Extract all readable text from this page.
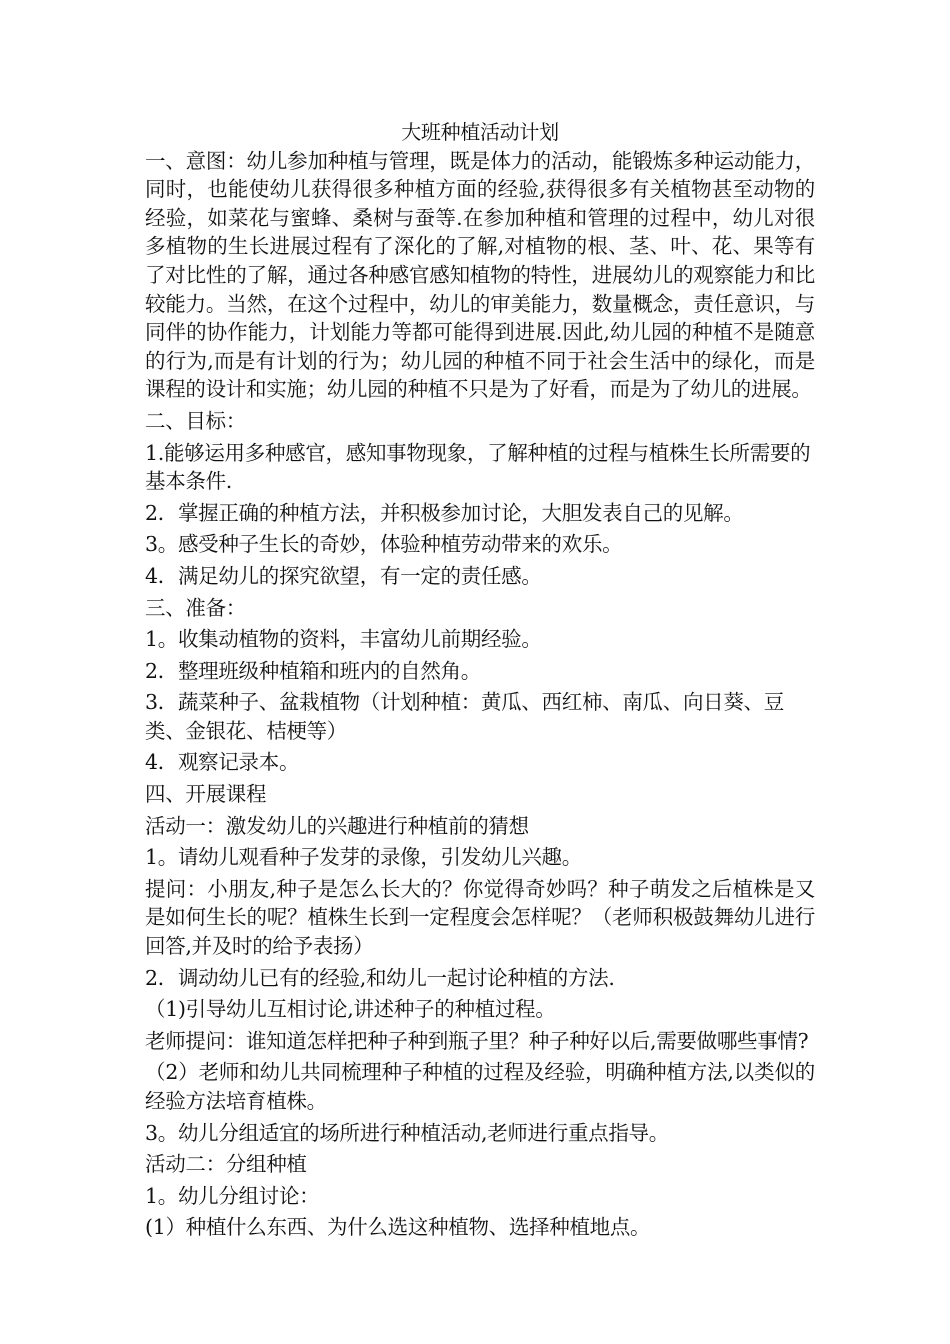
大班种植活动计划

一、意图：幼儿参加种植与管理，既是体力的活动，能锻炼多种运动能力，同时，也能使幼儿获得很多种植方面的经验,获得很多有关植物甚至动物的经验，如菜花与蜜蜂、桑树与蚕等.在参加种植和管理的过程中，幼儿对很多植物的生长进展过程有了深化的了解,对植物的根、茎、叶、花、果等有了对比性的了解，通过各种感官感知植物的特性，进展幼儿的观察能力和比较能力。当然，在这个过程中，幼儿的审美能力，数量概念，责任意识，与同伴的协作能力，计划能力等都可能得到进展.因此,幼儿园的种植不是随意的行为,而是有计划的行为；幼儿园的种植不同于社会生活中的绿化，而是课程的设计和实施；幼儿园的种植不只是为了好看，而是为了幼儿的进展。

二、目标：

1.能够运用多种感官，感知事物现象，了解种植的过程与植株生长所需要的基本条件.

2．掌握正确的种植方法，并积极参加讨论，大胆发表自己的见解。

3。感受种子生长的奇妙，体验种植劳动带来的欢乐。

4．满足幼儿的探究欲望，有一定的责任感。

三、准备：

1。收集动植物的资料，丰富幼儿前期经验。

2．整理班级种植箱和班内的自然角。

3．蔬菜种子、盆栽植物（计划种植：黄瓜、西红柿、南瓜、向日葵、豆类、金银花、桔梗等）

4．观察记录本。

四、开展课程

活动一：激发幼儿的兴趣进行种植前的猜想

1。请幼儿观看种子发芽的录像，引发幼儿兴趣。

提问：小朋友,种子是怎么长大的？你觉得奇妙吗？种子萌发之后植株是又是如何生长的呢？植株生长到一定程度会怎样呢？（老师积极鼓舞幼儿进行回答,并及时的给予表扬）

2．调动幼儿已有的经验,和幼儿一起讨论种植的方法.

（1)引导幼儿互相讨论,讲述种子的种植过程。

老师提问：谁知道怎样把种子种到瓶子里？种子种好以后,需要做哪些事情?

（2）老师和幼儿共同梳理种子种植的过程及经验，明确种植方法,以类似的经验方法培育植株。

3。幼儿分组适宜的场所进行种植活动,老师进行重点指导。

活动二：分组种植

1。幼儿分组讨论：

(1）种植什么东西、为什么选这种植物、选择种植地点。
